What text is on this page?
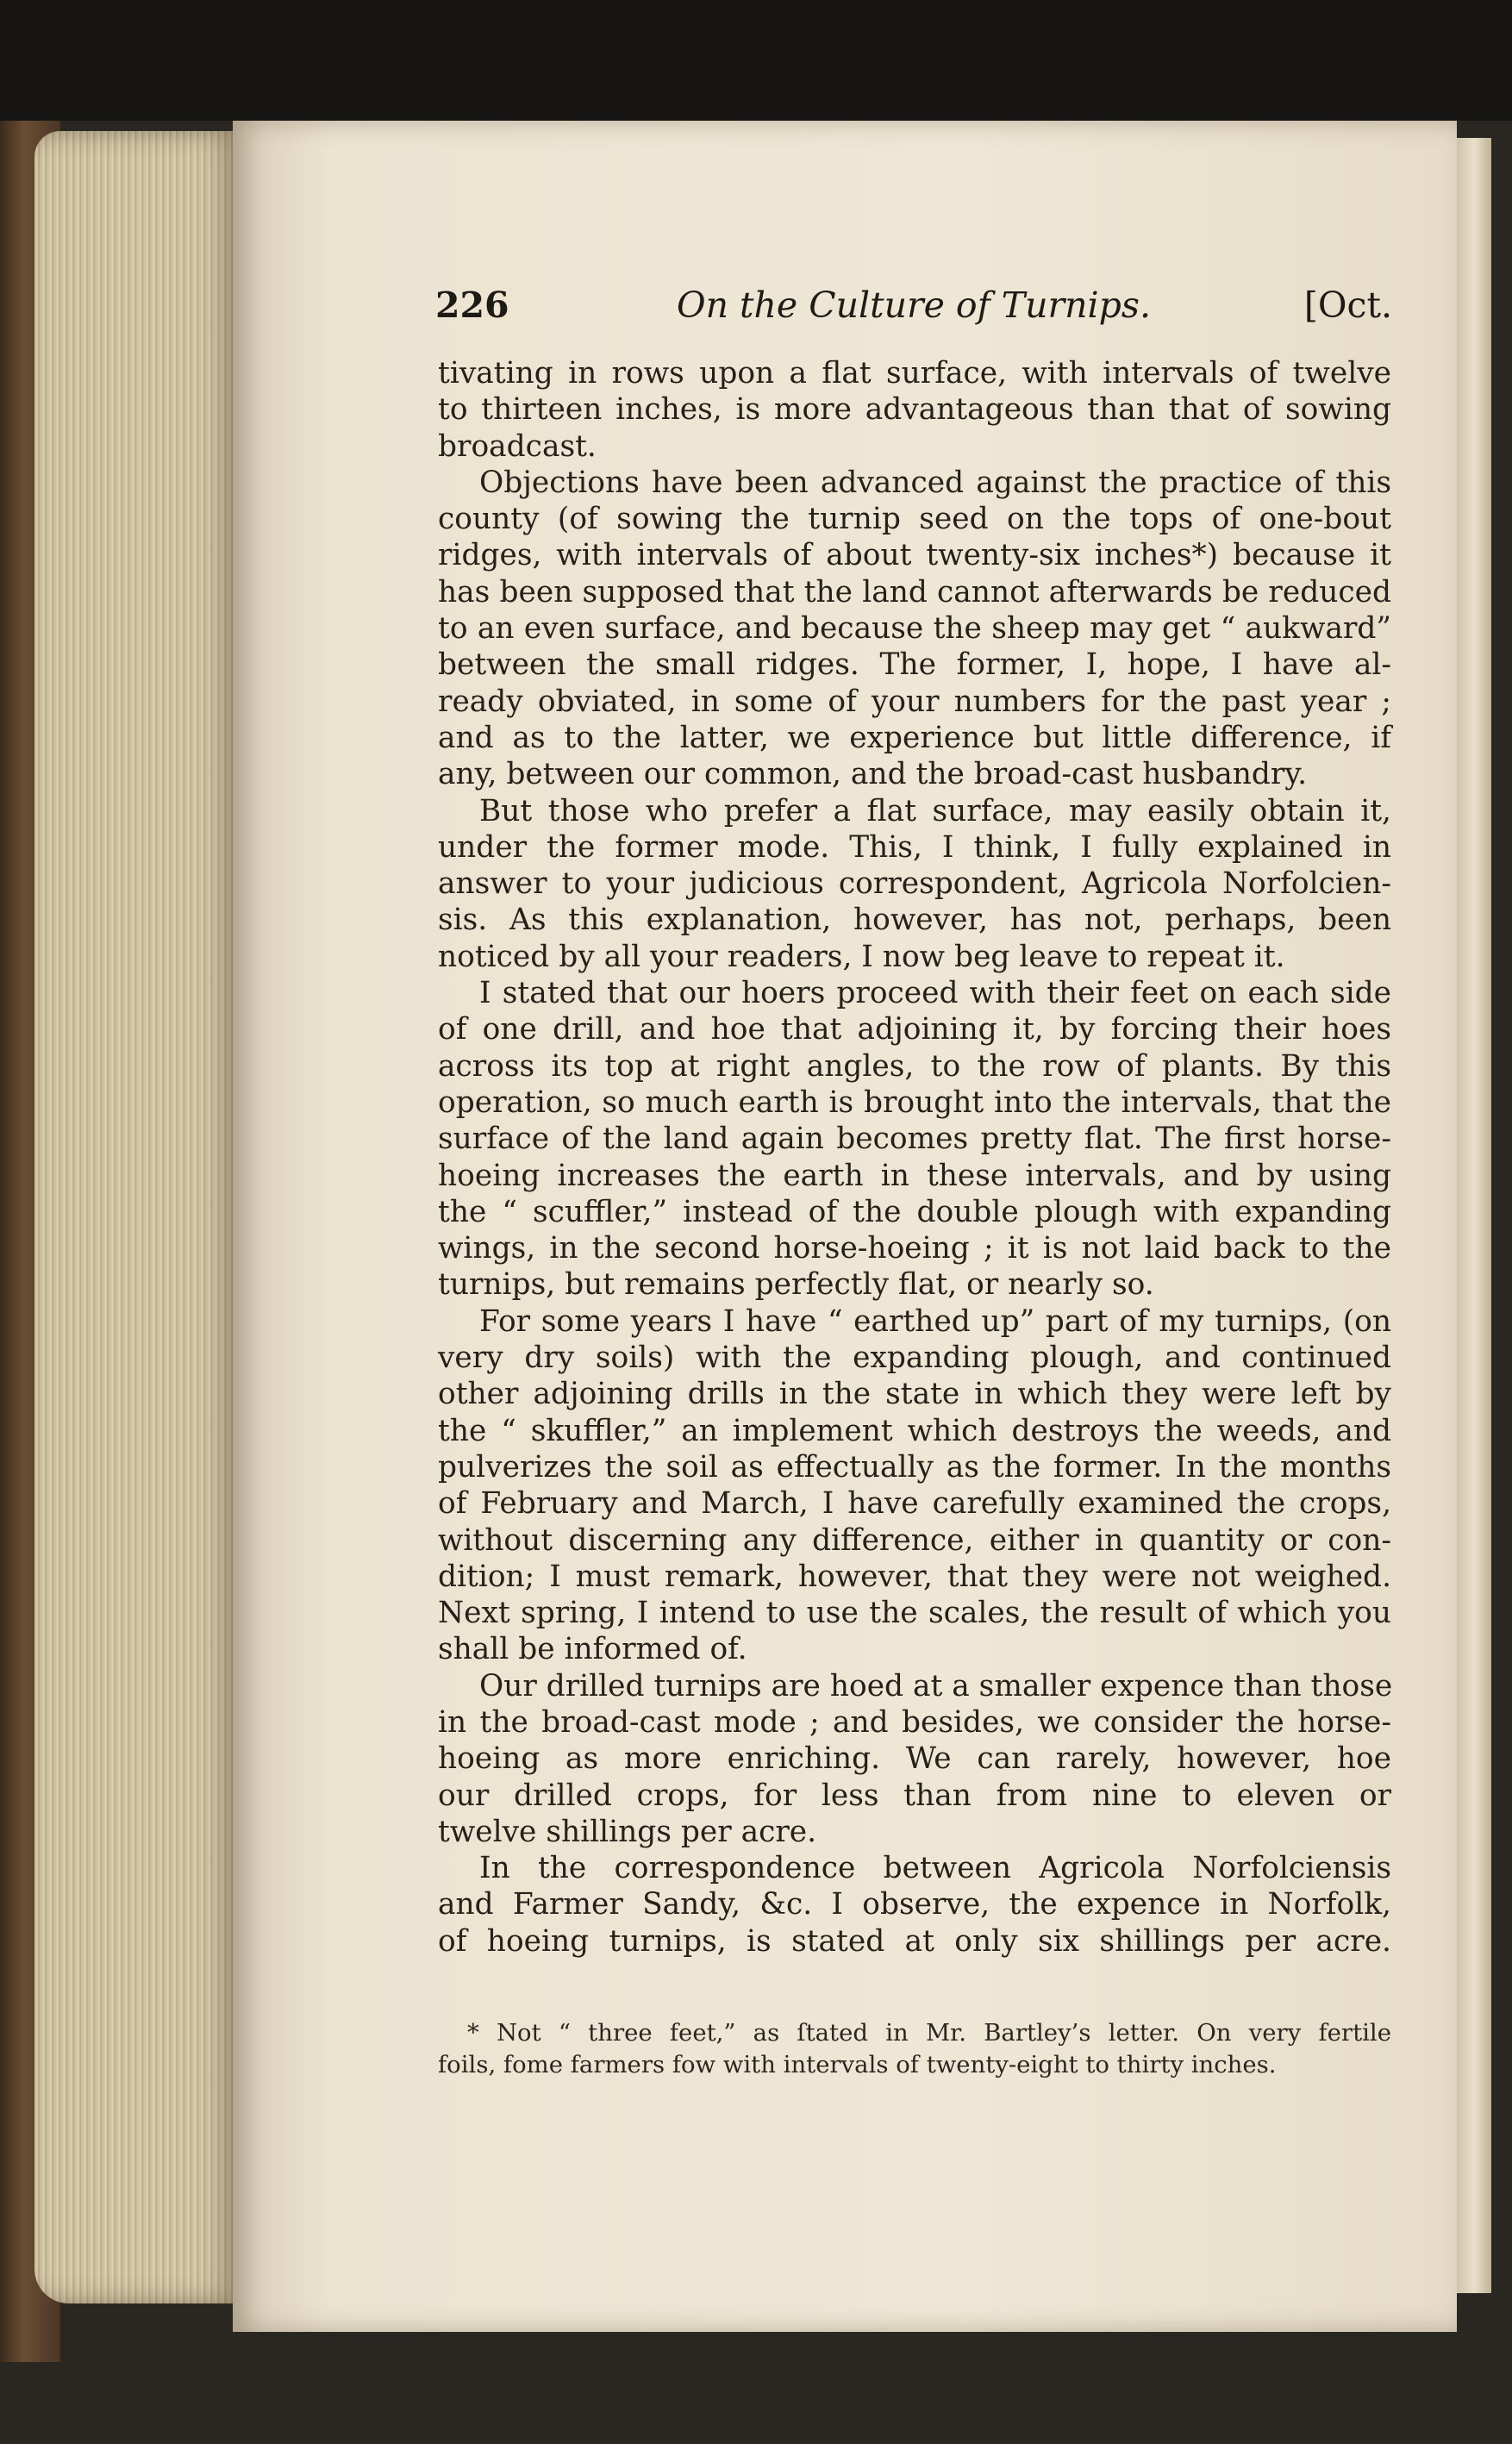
226	On the Culture of Turnips.	[Oct.
tivating in rows upon a flat surface, with intervals of twelve
to thirteen inches, is more advantageous than that of sowing
broadcast.
Objections have been advanced against the practice of this
county (of sowing the turnip seed on the tops of one-bout
ridges, with intervals of about twenty-six inches*) because it
has been supposed that the land cannot afterwards be reduced
to an even surface, and because the sheep may get “ aukward”
between the small ridges. The former, I, hope, I have al-
ready obviated, in some of your numbers for the past year ;
and as to the latter, we experience but little difference, if
any, between our common, and the broad-cast husbandry.
But those who prefer a flat surface, may easily obtain it,
under the former mode. This, I think, I fully explained in
answer to your judicious correspondent, Agricola Norfolcien-
sis. As this explanation, however, has not, perhaps, been
noticed by all your readers, I now beg leave to repeat it.
I stated that our hoers proceed with their feet on each side
of one drill, and hoe that adjoining it, by forcing their hoes
across its top at right angles, to the row of plants. By this
operation, so much earth is brought into the intervals, that the
surface of the land again becomes pretty flat. The first horse-
hoeing increases the earth in these intervals, and by using
the “ scuffler,” instead of the double plough with expanding
wings, in the second horse-hoeing ; it is not laid back to the
turnips, but remains perfectly flat, or nearly so.
For some years I have “ earthed up” part of my turnips, (on
very dry soils) with the expanding plough, and continued
other adjoining drills in the state in which they were left by
the “ skuffler,” an implement which destroys the weeds, and
pulverizes the soil as effectually as the former. In the months
of February and March, I have carefully examined the crops,
without discerning any difference, either in quantity or con-
dition; I must remark, however, that they were not weighed.
Next spring, I intend to use the scales, the result of which you
shall be informed of.
Our drilled turnips are hoed at a smaller expence than those
in the broad-cast mode ; and besides, we consider the horse-
hoeing as more enriching. We can rarely, however, hoe
our drilled crops, for less than from nine to eleven or
twelve shillings per acre.
In the correspondence between Agricola Norfolciensis
and Farmer Sandy, &c. I observe, the expence in Norfolk,
of hoeing turnips, is stated at only six shillings per acre.
* Not “ three feet,” as ſtated in Mr. Bartley’s letter. On very fertile
foils, fome farmers fow with intervals of twenty-eight to thirty inches.
